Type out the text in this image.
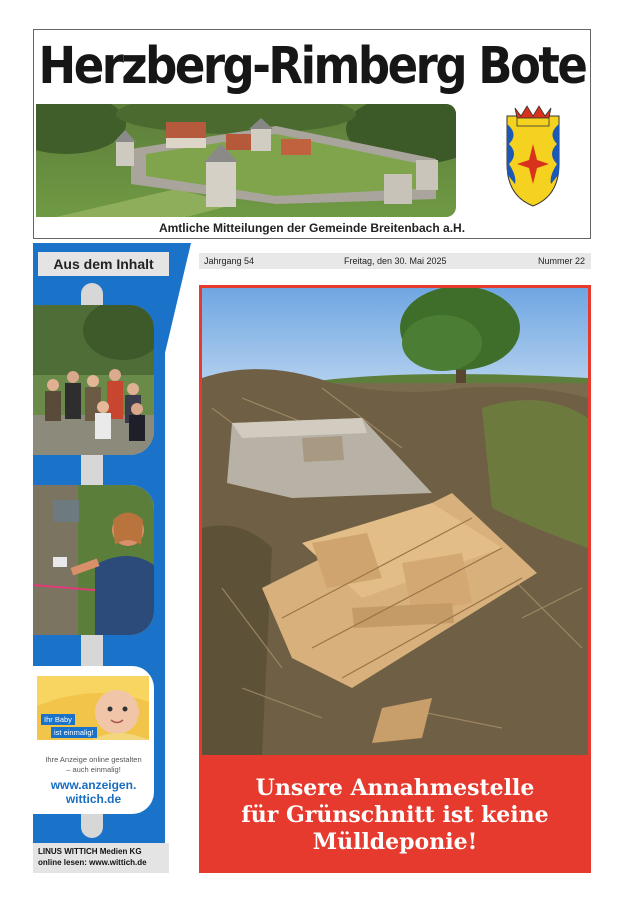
Herzberg-Rimberg Bote
Amtliche Mitteilungen der Gemeinde Breitenbach a.H.
Aus dem Inhalt
Ihr Baby
ist einmalig!
Ihre Anzeige online gestalten
– auch einmalig!
www.anzeigen.
wittich.de
LINUS WITTICH Medien KG
online lesen: www.wittich.de
Jahrgang 54	Freitag, den 30. Mai 2025	Nummer 22
Unsere Annahmestelle
für Grünschnitt ist keine
Mülldeponie!
